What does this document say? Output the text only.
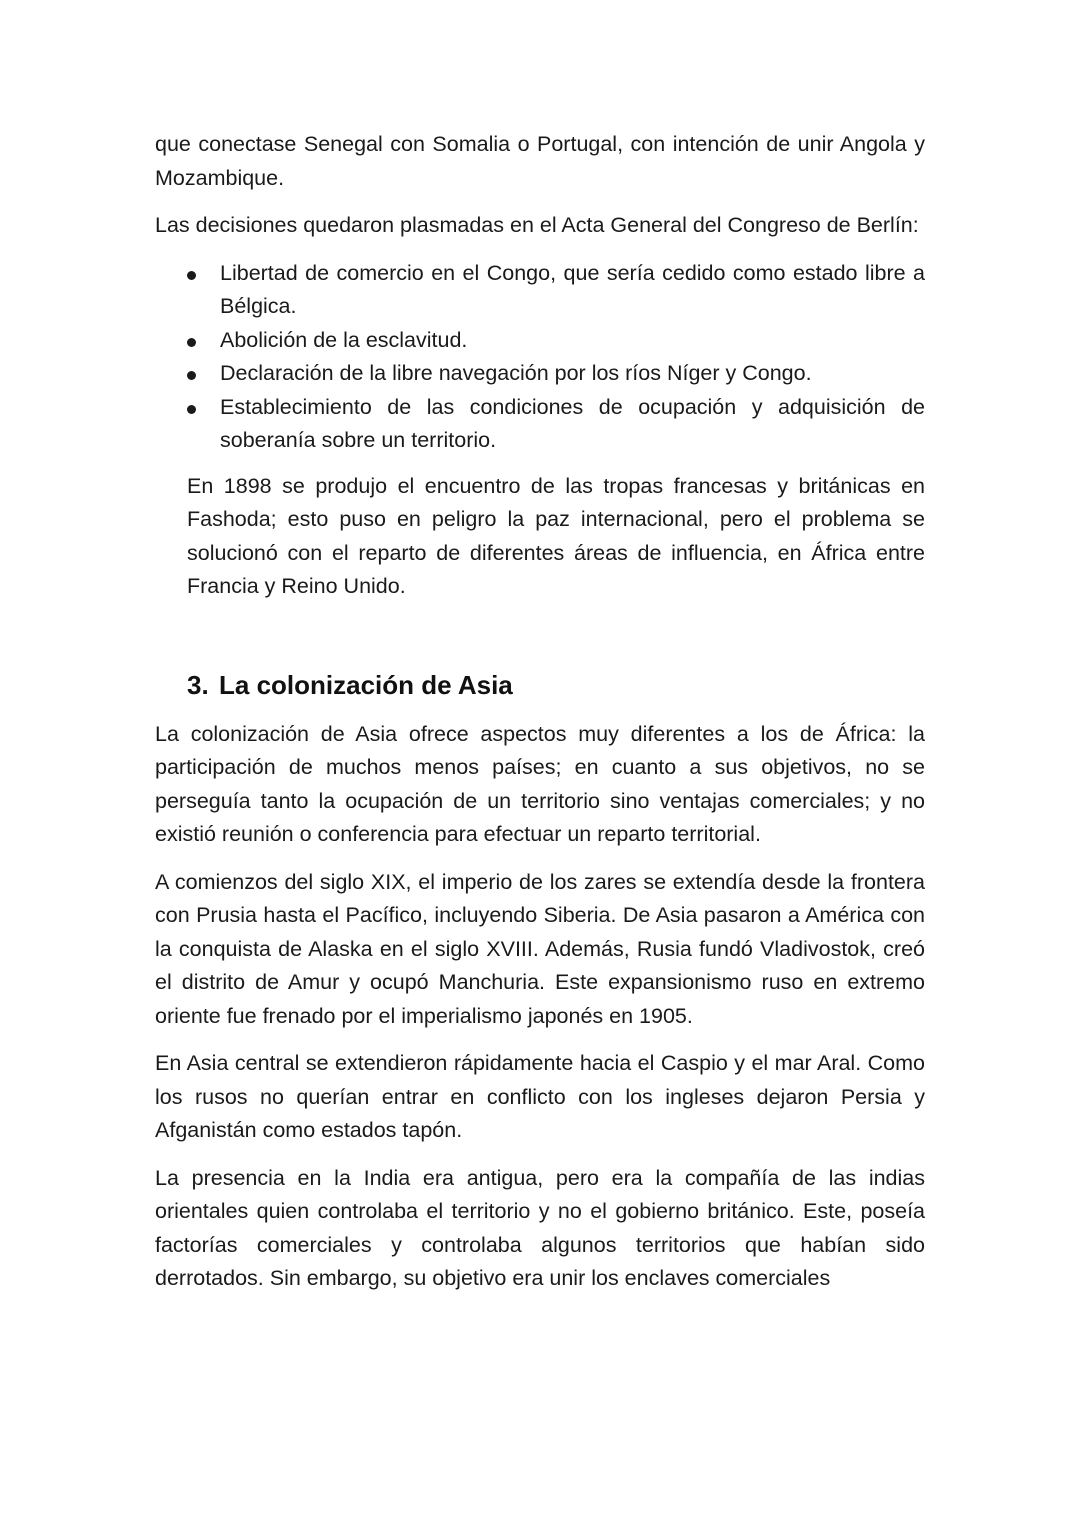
que conectase Senegal con Somalia o Portugal, con intención de unir Angola y Mozambique.

Las decisiones quedaron plasmadas en el Acta General del Congreso de Berlín:

Libertad de comercio en el Congo, que sería cedido como estado libre a Bélgica.
Abolición de la esclavitud.
Declaración de la libre navegación por los ríos Níger y Congo.
Establecimiento de las condiciones de ocupación y adquisición de soberanía sobre un territorio.

En 1898 se produjo el encuentro de las tropas francesas y británicas en Fashoda; esto puso en peligro la paz internacional, pero el problema se solucionó con el reparto de diferentes áreas de influencia, en África entre Francia y Reino Unido.

3. La colonización de Asia

La colonización de Asia ofrece aspectos muy diferentes a los de África: la participación de muchos menos países; en cuanto a sus objetivos, no se perseguía tanto la ocupación de un territorio sino ventajas comerciales; y no existió reunión o conferencia para efectuar un reparto territorial.

A comienzos del siglo XIX, el imperio de los zares se extendía desde la frontera con Prusia hasta el Pacífico, incluyendo Siberia. De Asia pasaron a América con la conquista de Alaska en el siglo XVIII. Además, Rusia fundó Vladivostok, creó el distrito de Amur y ocupó Manchuria. Este expansionismo ruso en extremo oriente fue frenado por el imperialismo japonés en 1905.

En Asia central se extendieron rápidamente hacia el Caspio y el mar Aral. Como los rusos no querían entrar en conflicto con los ingleses dejaron Persia y Afganistán como estados tapón.

La presencia en la India era antigua, pero era la compañía de las indias orientales quien controlaba el territorio y no el gobierno británico. Este, poseía factorías comerciales y controlaba algunos territorios que habían sido derrotados. Sin embargo, su objetivo era unir los enclaves comerciales
